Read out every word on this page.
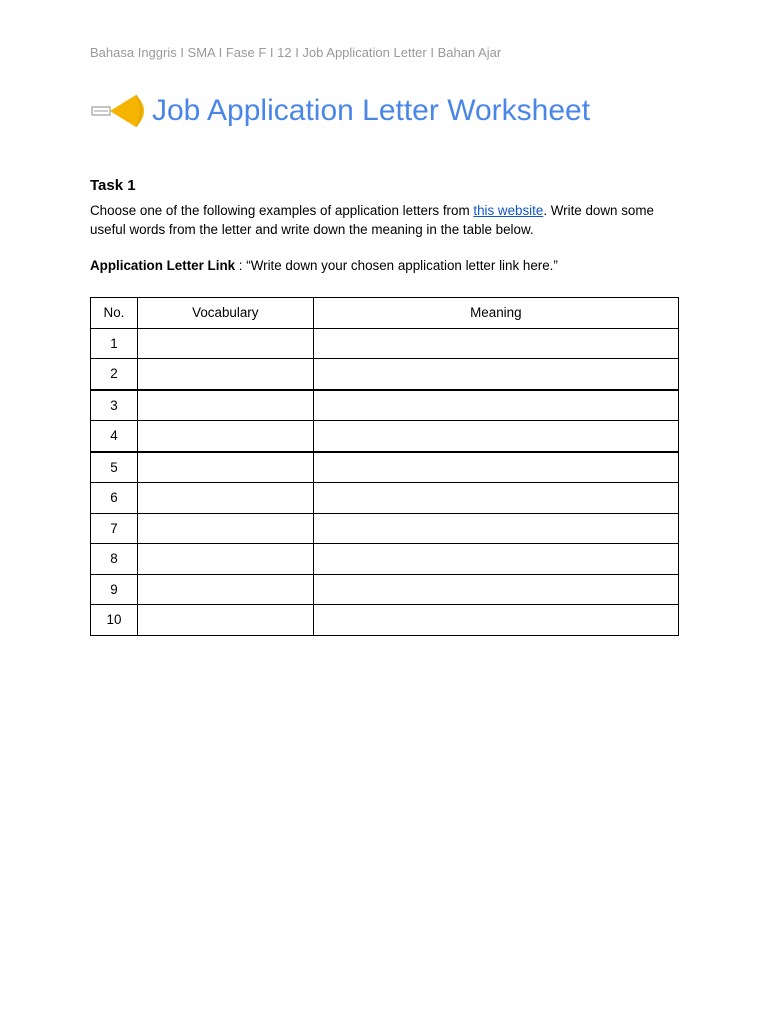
Bahasa Inggris I SMA I Fase F I 12 I Job Application Letter I Bahan Ajar
Job Application Letter Worksheet
Task 1

Choose one of the following examples of application letters from this website. Write down some useful words from the letter and write down the meaning in the table below.

Application Letter Link : “Write down your chosen application letter link here.”

No.	Vocabulary	Meaning
1		
2		
3		
4		
5		
6		
7		
8		
9		
10		
